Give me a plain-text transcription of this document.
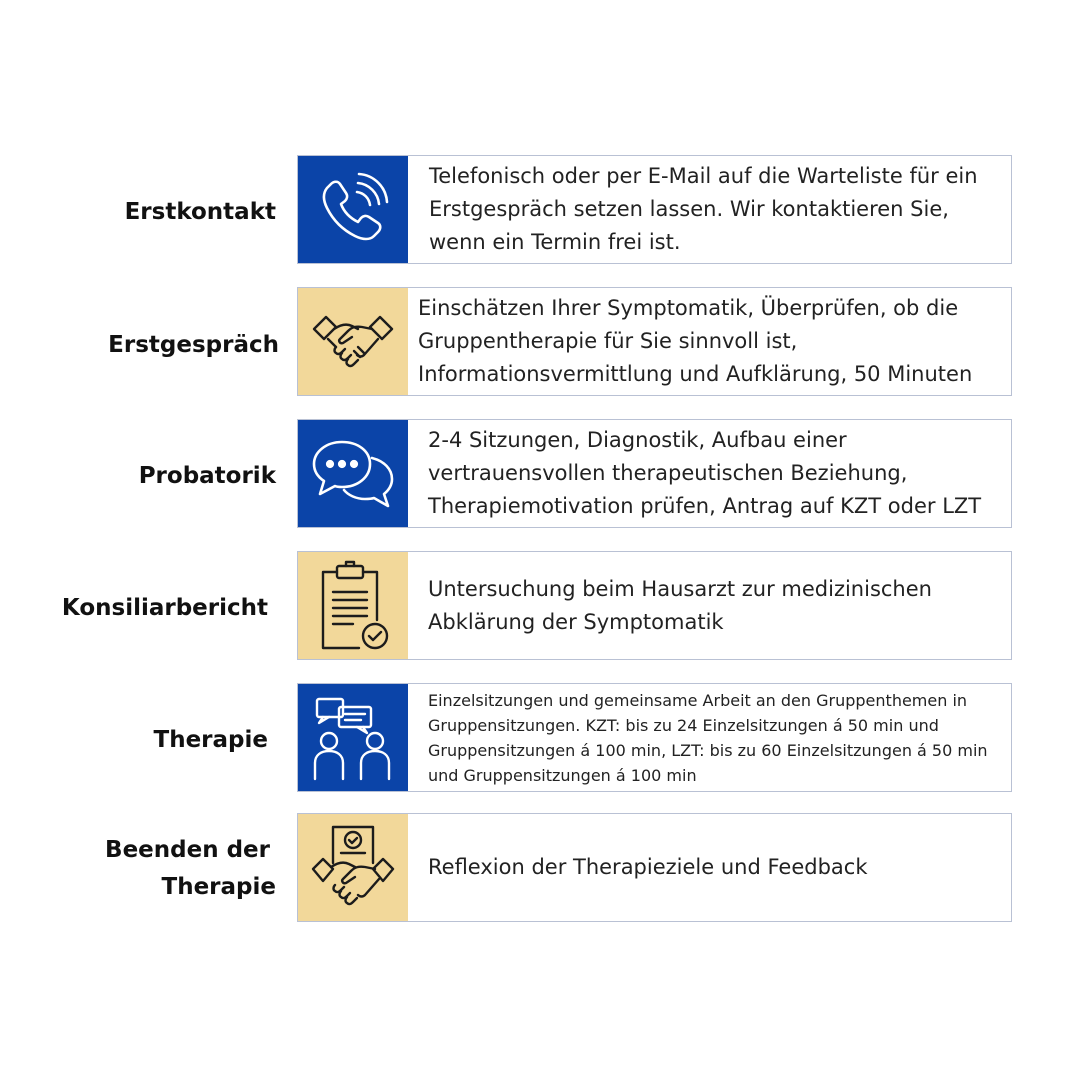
Erstkontakt
Telefonisch oder per E-Mail auf die Warteliste für ein Erstgespräch setzen lassen. Wir kontaktieren Sie, wenn ein Termin frei ist.
Erstgespräch
Einschätzen Ihrer Symptomatik, Überprüfen, ob die Gruppentherapie für Sie sinnvoll ist, Informationsvermittlung und Aufklärung, 50 Minuten
Probatorik
2-4 Sitzungen, Diagnostik, Aufbau einer vertrauensvollen therapeutischen Beziehung, Therapiemotivation prüfen, Antrag auf KZT oder LZT
Konsiliarbericht
Untersuchung beim Hausarzt zur medizinischen Abklärung der Symptomatik
Therapie
Einzelsitzungen und gemeinsame Arbeit an den Gruppenthemen in Gruppensitzungen. KZT: bis zu 24 Einzelsitzungen á 50 min und Gruppensitzungen á 100 min, LZT: bis zu 60 Einzelsitzungen á 50 min und Gruppensitzungen á 100 min
Beenden der
Therapie
Reflexion der Therapieziele und Feedback
